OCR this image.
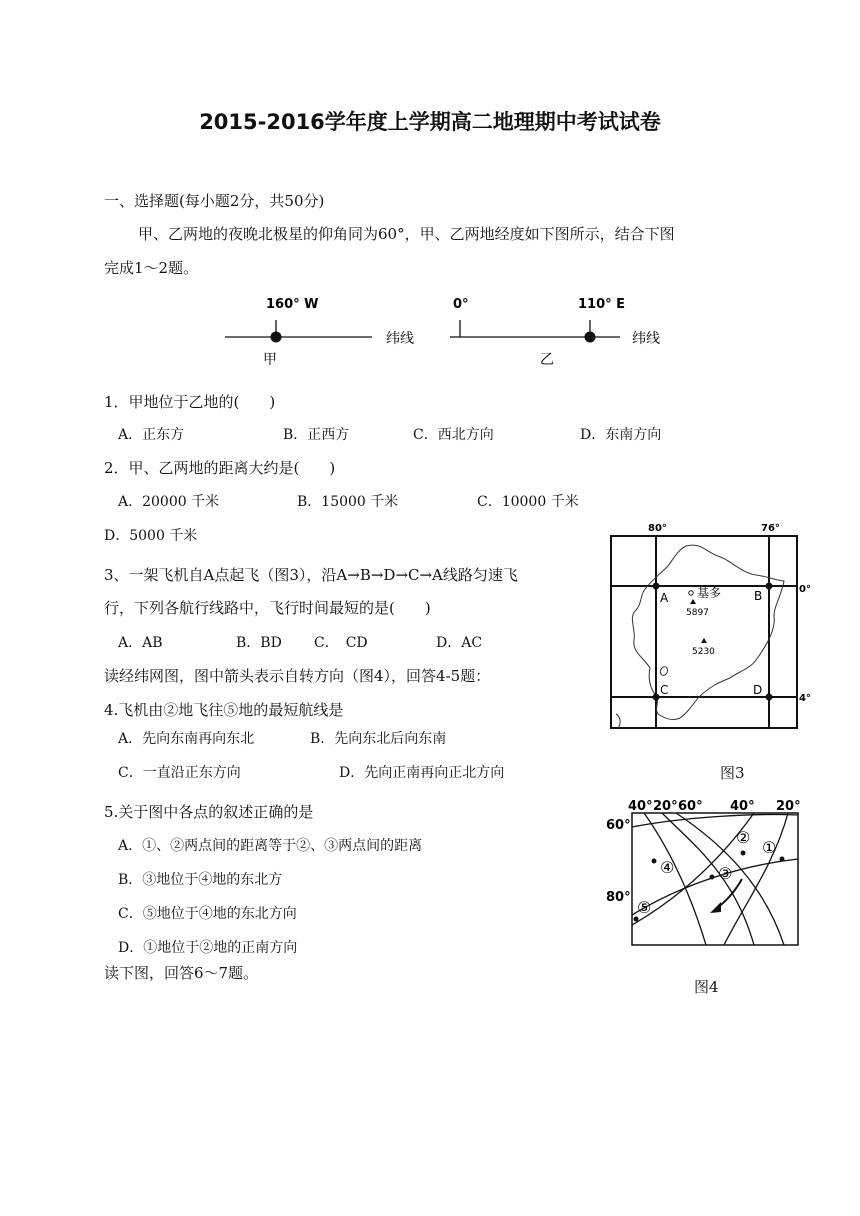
2015-2016学年度上学期高二地理期中考试试卷
一、选择题(每小题2分，共50分)
甲、乙两地的夜晚北极星的仰角同为60°，甲、乙两地经度如下图所示，结合下图
完成1～2题。
160° W
甲
纬线
0°	110° E
乙
纬线
1．甲地位于乙地的(　　)
A．正东方	B．正西方	C．西北方向	D．东南方向
2．甲、乙两地的距离大约是(　　)
A．20000 千米	B．15000 千米	C．10000 千米
D．5000 千米
3、一架飞机自A点起飞（图3），沿A→B→D→C→A线路匀速飞
行，下列各航行线路中，飞行时间最短的是(　　)
A．AB	B．BD C．　CD	D．AC
读经纬网图，图中箭头表示自转方向（图4），回答4-5题：
4.飞机由②地飞往⑤地的最短航线是
A．先向东南再向东北	B．先向东北后向东南
C．一直沿正东方向	D．先向正南再向正北方向
5.关于图中各点的叙述正确的是
A．①、②两点间的距离等于②、③两点间的距离
B．③地位于④地的东北方
C．⑤地位于④地的东北方向
D．①地位于②地的正南方向
读下图，回答6～7题。
80°	76°
0°
4°
A	B
C	D
基多
5897
5230
图3
40° 20° 60° 40° 20°
60°
80°
①
②
③
④
⑤
图4
